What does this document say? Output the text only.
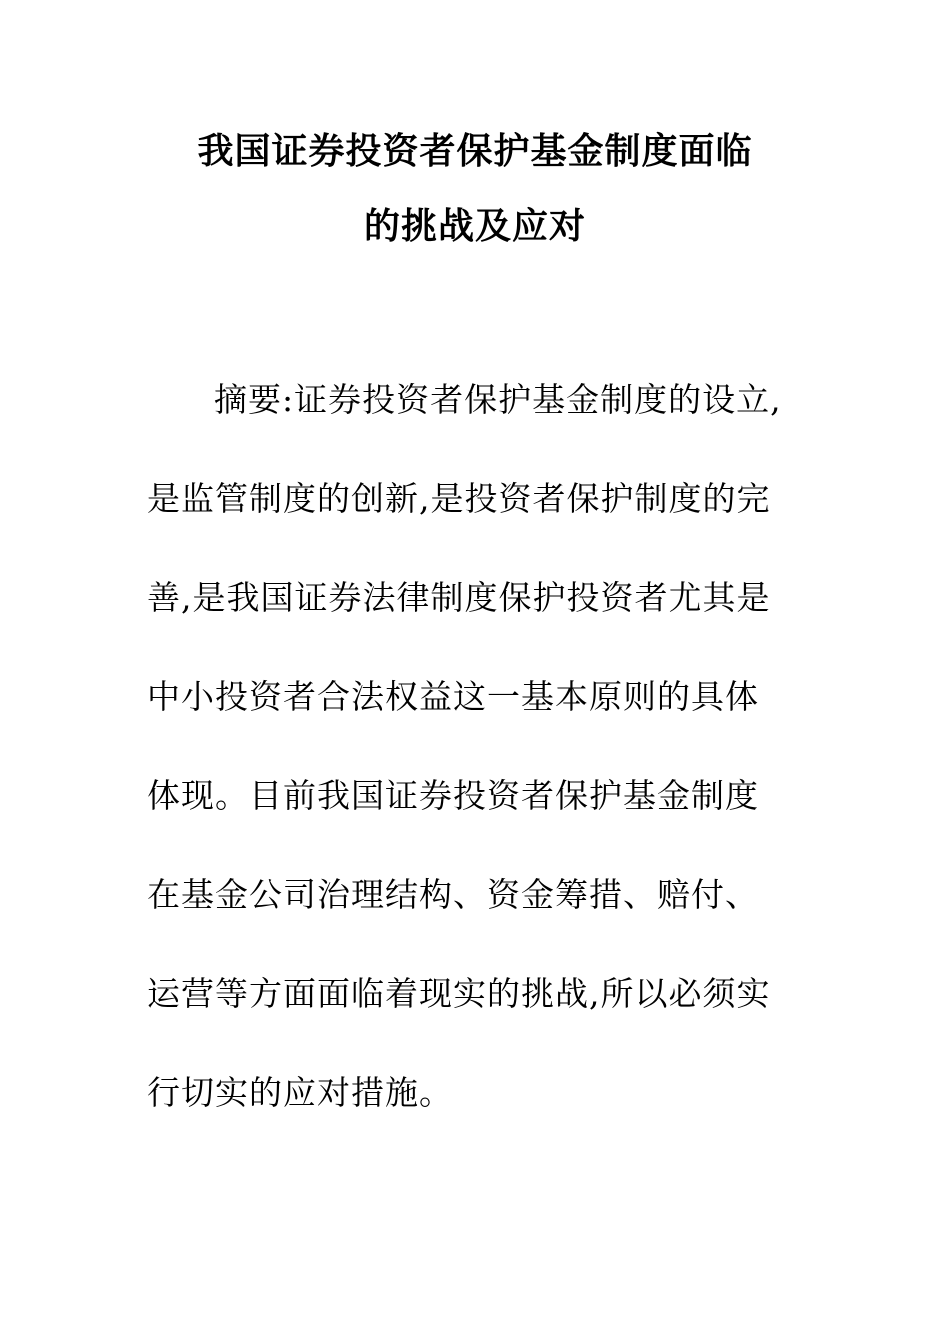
我国证券投资者保护基金制度面临
的挑战及应对
摘要:证券投资者保护基金制度的设立,
是监管制度的创新,是投资者保护制度的完
善,是我国证券法律制度保护投资者尤其是
中小投资者合法权益这一基本原则的具体
体现。目前我国证券投资者保护基金制度
在基金公司治理结构、资金筹措、赔付、
运营等方面面临着现实的挑战,所以必须实
行切实的应对措施。
